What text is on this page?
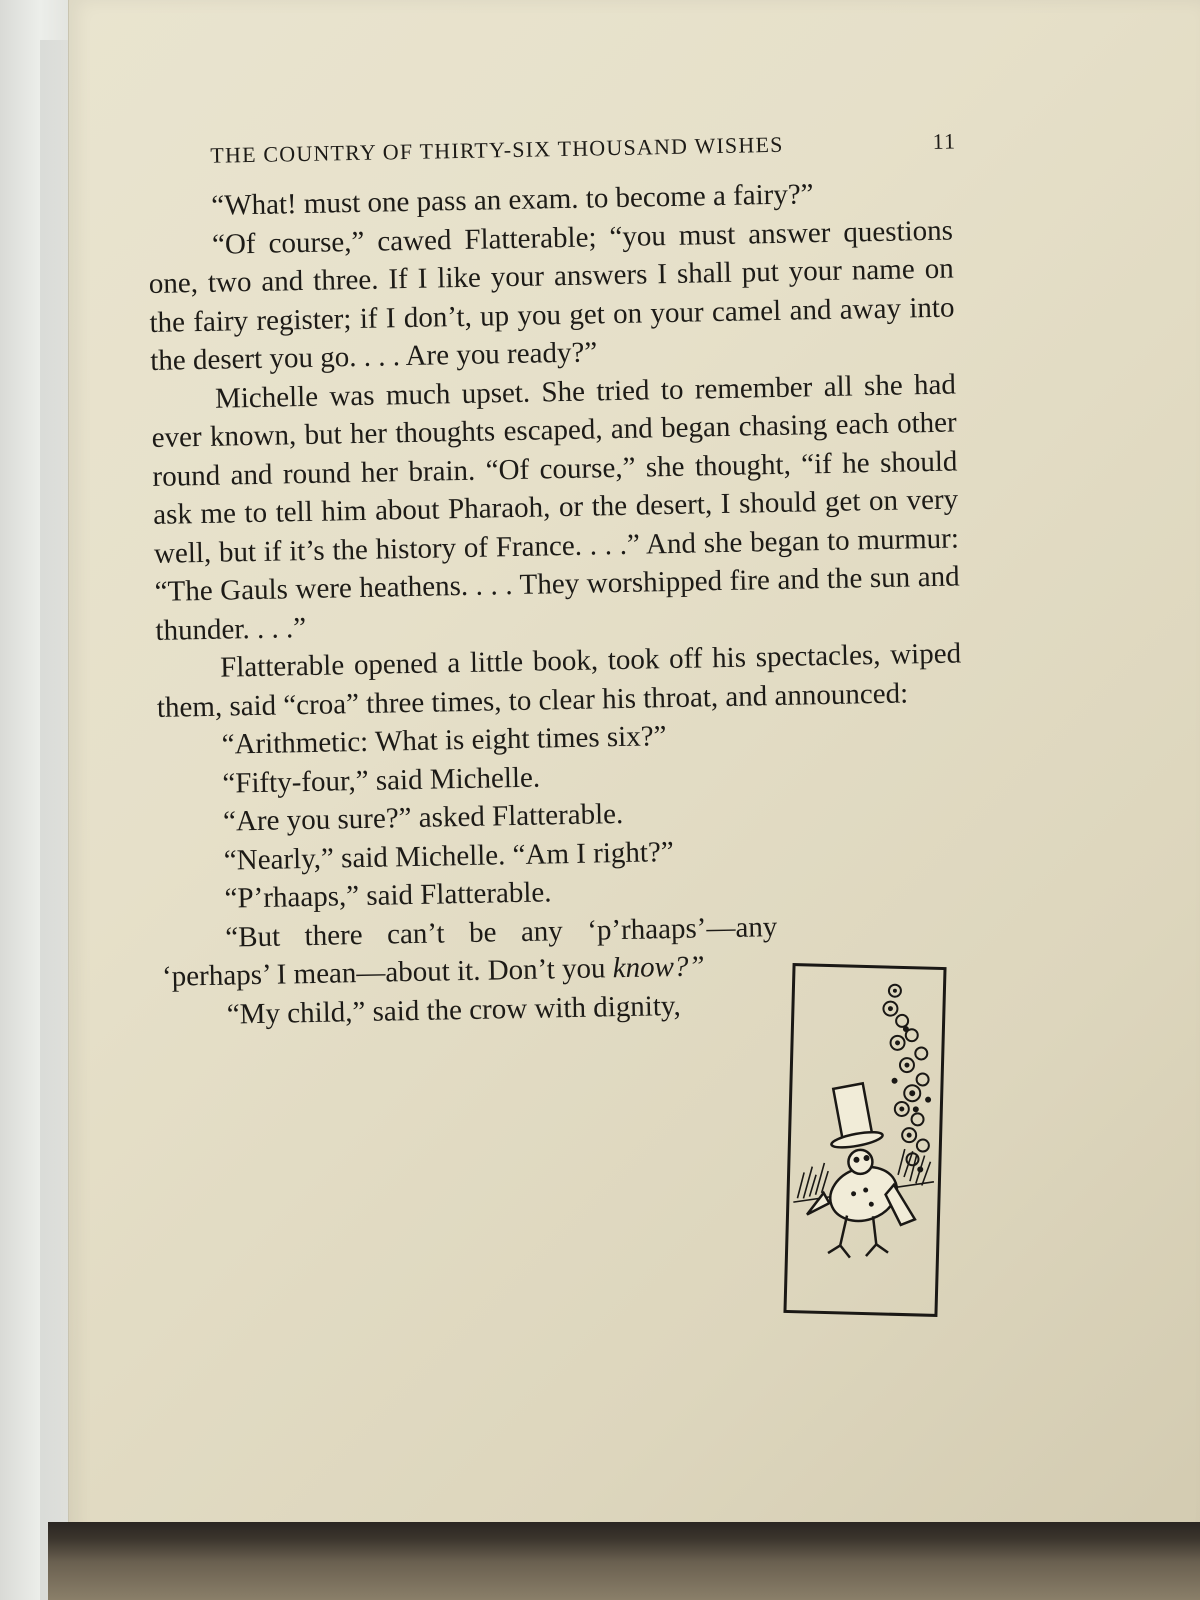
THE COUNTRY OF THIRTY-SIX THOUSAND WISHES	11

“What! must one pass an exam. to become a fairy?”

“Of course,” cawed Flatterable; “you must answer questions one, two and three. If I like your answers I shall put your name on the fairy register; if I don’t, up you get on your camel and away into the desert you go. . . . Are you ready?”

Michelle was much upset. She tried to remember all she had ever known, but her thoughts escaped, and began chasing each other round and round her brain. “Of course,” she thought, “if he should ask me to tell him about Pharaoh, or the desert, I should get on very well, but if it’s the history of France. . . .” And she began to murmur: “The Gauls were heathens. . . . They worshipped fire and the sun and thunder. . . .”

Flatterable opened a little book, took off his spectacles, wiped them, said “croa” three times, to clear his throat, and announced:

“Arithmetic: What is eight times six?”

“Fifty-four,” said Michelle.

“Are you sure?” asked Flatterable.

“Nearly,” said Michelle. “Am I right?”

“P’rhaaps,” said Flatterable.

“But there can’t be any ‘p’rhaaps’—any ‘perhaps’ I mean—about it. Don’t you know?”

“My child,” said the crow with dignity,
